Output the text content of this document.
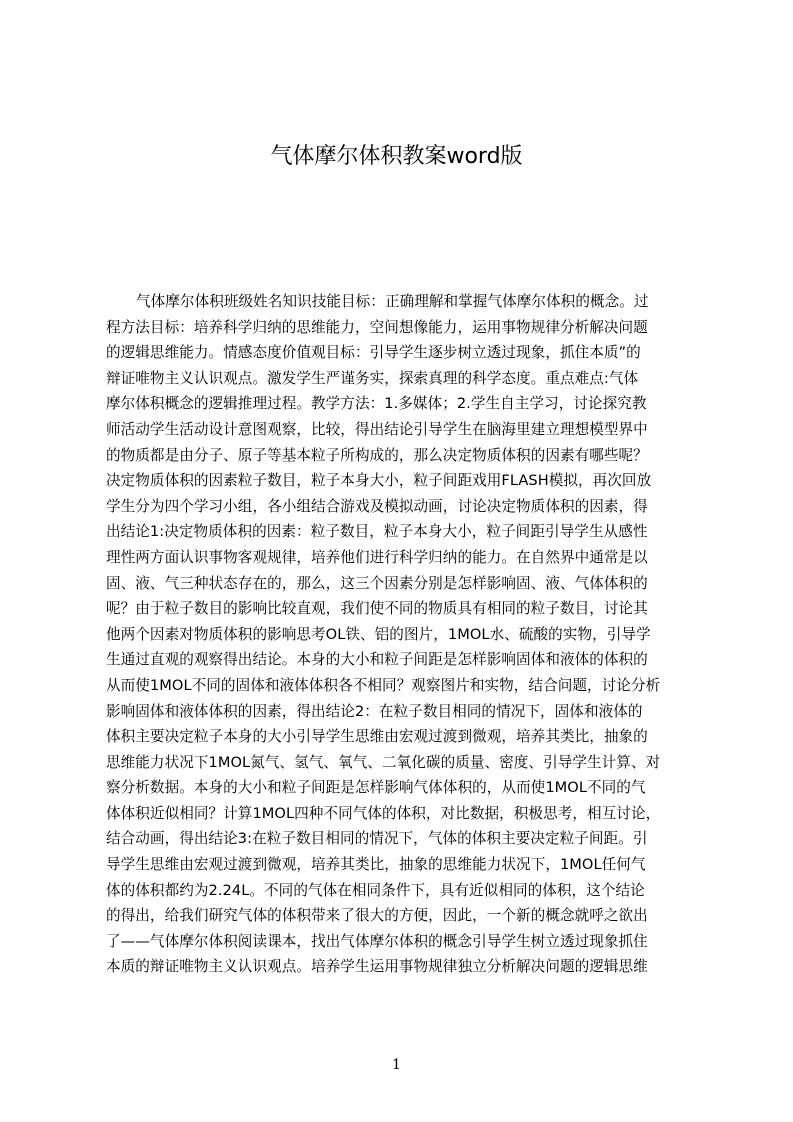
气体摩尔体积教案word版
气体摩尔体积班级姓名知识技能目标：正确理解和掌握气体摩尔体积的概念。过
程方法目标：培养科学归纳的思维能力，空间想像能力，运用事物规律分析解决问题
的逻辑思维能力。情感态度价值观目标：引导学生逐步树立透过现象，抓住本质”的
辩证唯物主义认识观点。激发学生严谨务实，探索真理的科学态度。重点难点:气体
摩尔体积概念的逻辑推理过程。教学方法：1.多媒体；2.学生自主学习，讨论探究教
师活动学生活动设计意图观察，比较，得出结论引导学生在脑海里建立理想模型界中
的物质都是由分子、原子等基本粒子所构成的，那么决定物质体积的因素有哪些呢？
决定物质体积的因素粒子数目，粒子本身大小，粒子间距戏用FLASH模拟，再次回放
学生分为四个学习小组，各小组结合游戏及模拟动画，讨论决定物质体积的因素，得
出结论1:决定物质体积的因素：粒子数目，粒子本身大小，粒子间距引导学生从感性
理性两方面认识事物客观规律，培养他们进行科学归纳的能力。在自然界中通常是以
固、液、气三种状态存在的，那么，这三个因素分别是怎样影响固、液、气体体积的
呢？由于粒子数目的影响比较直观，我们使不同的物质具有相同的粒子数目，讨论其
他两个因素对物质体积的影响思考OL铁、铝的图片，1MOL水、硫酸的实物，引导学
生通过直观的观察得出结论。本身的大小和粒子间距是怎样影响固体和液体的体积的
从而使1MOL不同的固体和液体体积各不相同？观察图片和实物，结合问题，讨论分析
影响固体和液体体积的因素，得出结论2：在粒子数目相同的情况下，固体和液体的
体积主要决定粒子本身的大小引导学生思维由宏观过渡到微观，培养其类比，抽象的
思维能力状况下1MOL氮气、氢气、氧气、二氧化碳的质量、密度、引导学生计算、对
察分析数据。本身的大小和粒子间距是怎样影响气体体积的，从而使1MOL不同的气
体体积近似相同？计算1MOL四种不同气体的体积，对比数据，积极思考，相互讨论，
结合动画，得出结论3:在粒子数目相同的情况下，气体的体积主要决定粒子间距。引
导学生思维由宏观过渡到微观，培养其类比，抽象的思维能力状况下，1MOL任何气
体的体积都约为2.24L。不同的气体在相同条件下，具有近似相同的体积，这个结论
的得出，给我们研究气体的体积带来了很大的方便，因此，一个新的概念就呼之欲出
了——气体摩尔体积阅读课本，找出气体摩尔体积的概念引导学生树立透过现象抓住
本质的辩证唯物主义认识观点。培养学生运用事物规律独立分析解决问题的逻辑思维
1
